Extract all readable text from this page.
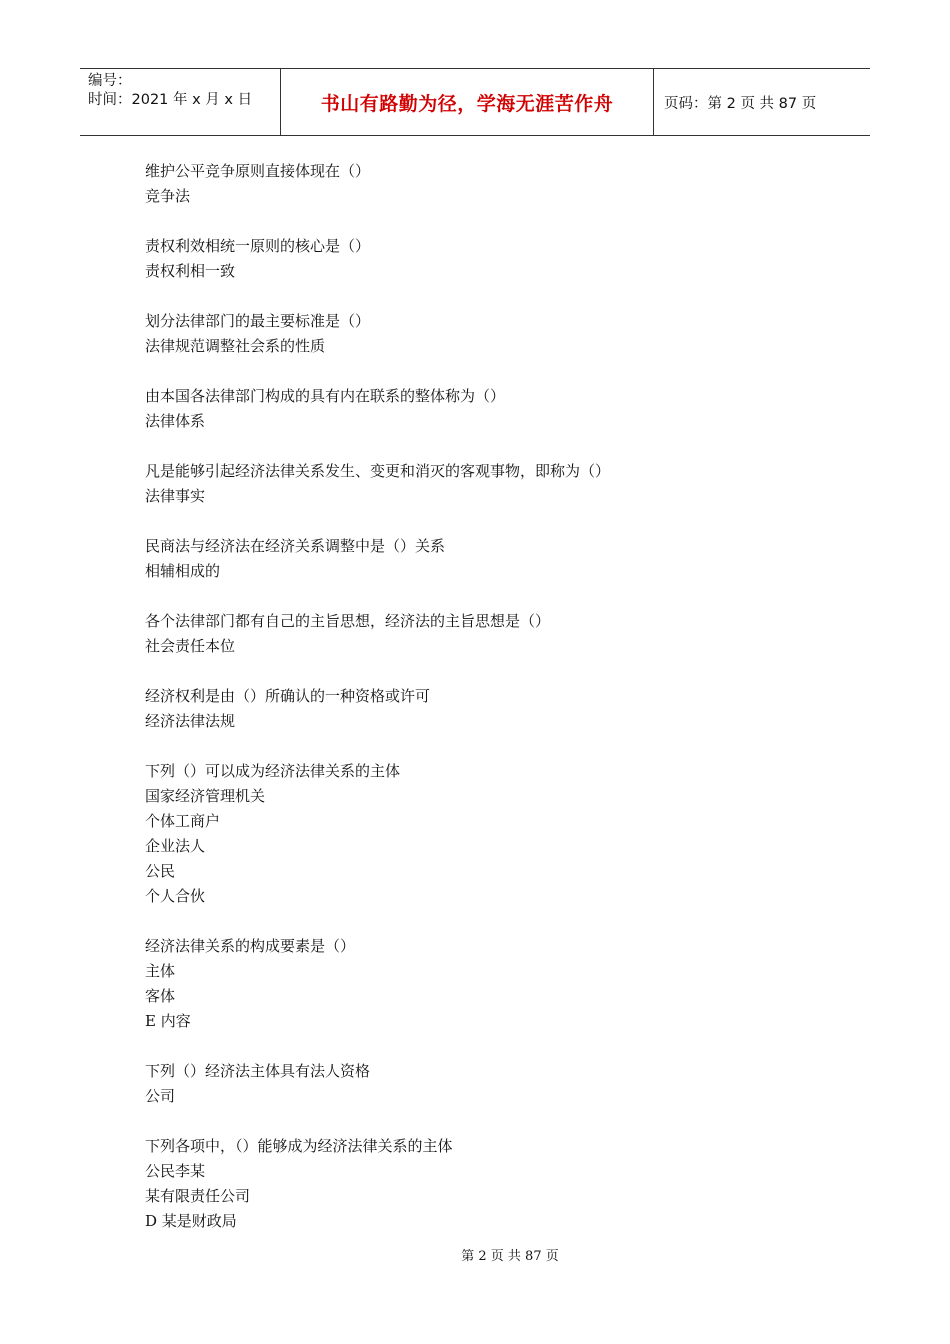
编号：
时间：2021 年 x 月 x 日	书山有路勤为径，学海无涯苦作舟	页码：第 2 页 共 87 页
维护公平竞争原则直接体现在（）
竞争法
责权利效相统一原则的核心是（）
责权利相一致
划分法律部门的最主要标准是（）
法律规范调整社会系的性质
由本国各法律部门构成的具有内在联系的整体称为（）
法律体系
凡是能够引起经济法律关系发生、变更和消灭的客观事物，即称为（）
法律事实
民商法与经济法在经济关系调整中是（）关系
相辅相成的
各个法律部门都有自己的主旨思想，经济法的主旨思想是（）
社会责任本位
经济权利是由（）所确认的一种资格或许可
经济法律法规
下列（）可以成为经济法律关系的主体
国家经济管理机关
个体工商户
企业法人
公民
个人合伙
经济法律关系的构成要素是（）
主体
客体
E 内容
下列（）经济法主体具有法人资格
公司
下列各项中，（）能够成为经济法律关系的主体
公民李某
某有限责任公司
D 某是财政局
第 2 页 共 87 页
